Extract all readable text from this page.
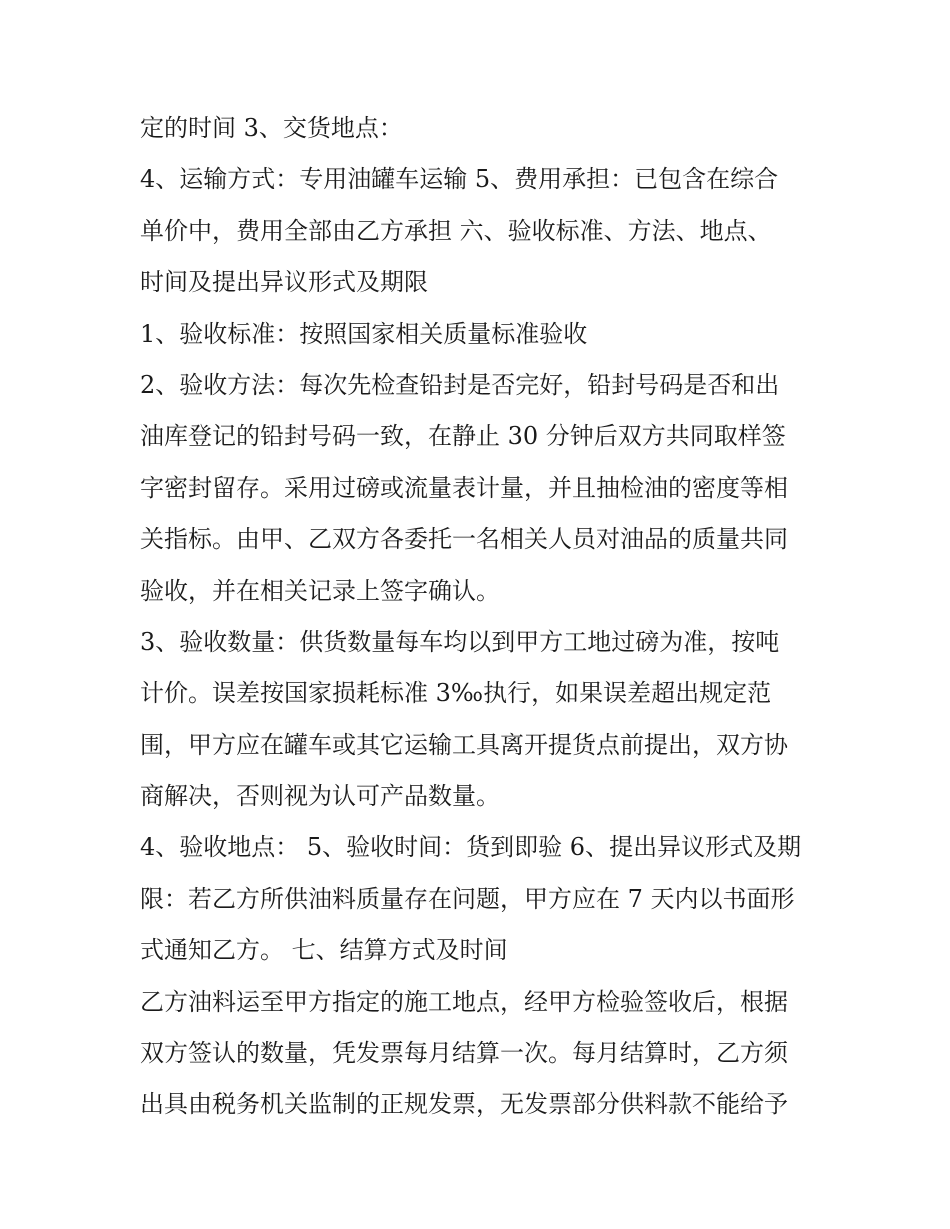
定的时间 3、交货地点：
4、运输方式：专用油罐车运输 5、费用承担：已包含在综合
单价中，费用全部由乙方承担 六、验收标准、方法、地点、
时间及提出异议形式及期限
1、验收标准：按照国家相关质量标准验收
2、验收方法：每次先检查铅封是否完好，铅封号码是否和出
油库登记的铅封号码一致，在静止 30 分钟后双方共同取样签
字密封留存。采用过磅或流量表计量，并且抽检油的密度等相
关指标。由甲、乙双方各委托一名相关人员对油品的质量共同
验收，并在相关记录上签字确认。
3、验收数量：供货数量每车均以到甲方工地过磅为准，按吨
计价。误差按国家损耗标准 3‰执行，如果误差超出规定范
围，甲方应在罐车或其它运输工具离开提货点前提出，双方协
商解决，否则视为认可产品数量。
4、验收地点： 5、验收时间：货到即验 6、提出异议形式及期
限：若乙方所供油料质量存在问题，甲方应在 7 天内以书面形
式通知乙方。 七、结算方式及时间
乙方油料运至甲方指定的施工地点，经甲方检验签收后，根据
双方签认的数量，凭发票每月结算一次。每月结算时，乙方须
出具由税务机关监制的正规发票，无发票部分供料款不能给予
